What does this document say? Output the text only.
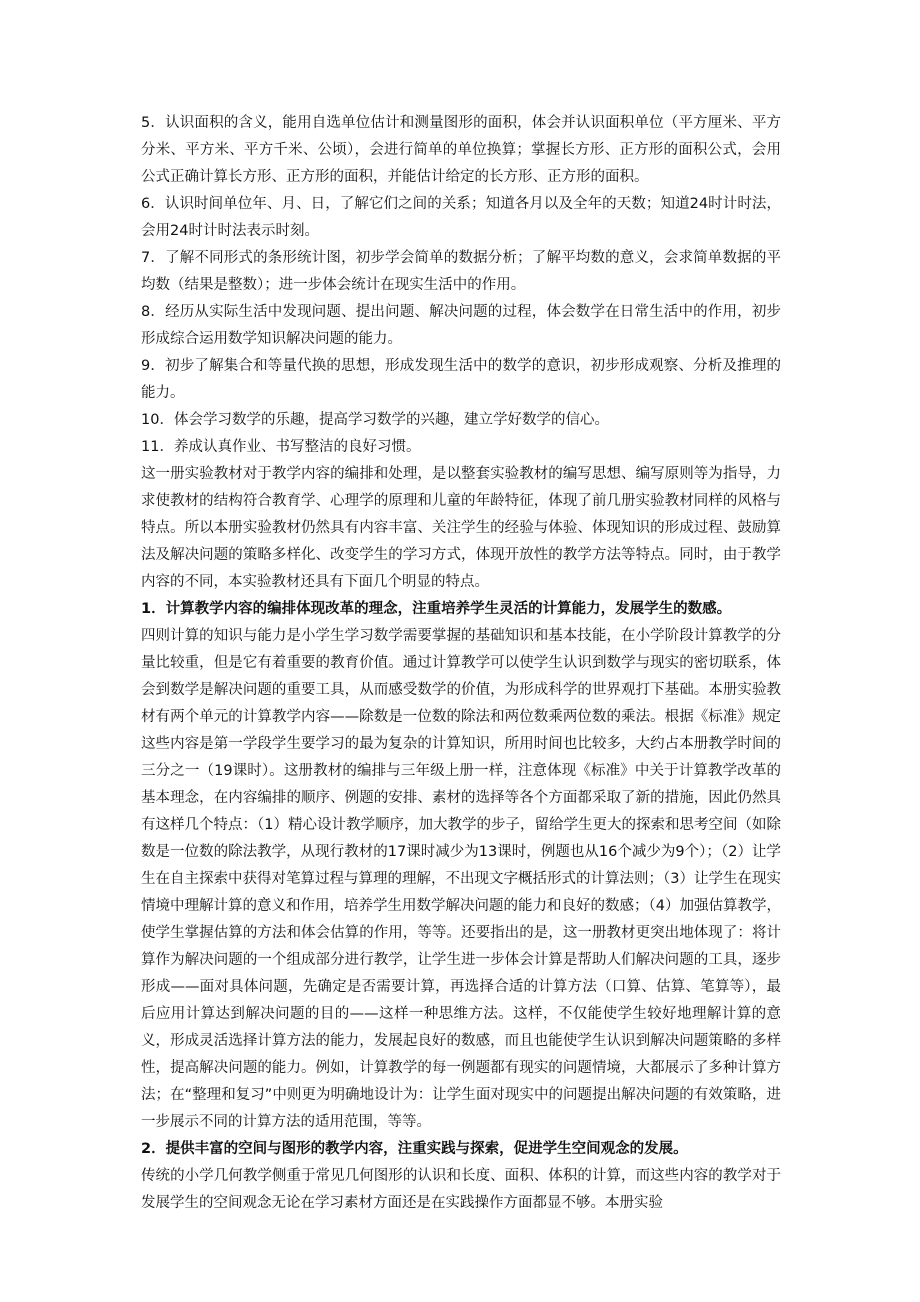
5．认识面积的含义，能用自选单位估计和测量图形的面积，体会并认识面积单位（平方厘米、平方分米、平方米、平方千米、公顷），会进行简单的单位换算；掌握长方形、正方形的面积公式，会用公式正确计算长方形、正方形的面积，并能估计给定的长方形、正方形的面积。

6．认识时间单位年、月、日，了解它们之间的关系；知道各月以及全年的天数；知道24时计时法，会用24时计时法表示时刻。

7．了解不同形式的条形统计图，初步学会简单的数据分析；了解平均数的意义，会求简单数据的平均数（结果是整数）；进一步体会统计在现实生活中的作用。

8．经历从实际生活中发现问题、提出问题、解决问题的过程，体会数学在日常生活中的作用，初步形成综合运用数学知识解决问题的能力。

9．初步了解集合和等量代换的思想，形成发现生活中的数学的意识，初步形成观察、分析及推理的能力。

10．体会学习数学的乐趣，提高学习数学的兴趣，建立学好数学的信心。

11．养成认真作业、书写整洁的良好习惯。

这一册实验教材对于教学内容的编排和处理，是以整套实验教材的编写思想、编写原则等为指导，力求使教材的结构符合教育学、心理学的原理和儿童的年龄特征，体现了前几册实验教材同样的风格与特点。所以本册实验教材仍然具有内容丰富、关注学生的经验与体验、体现知识的形成过程、鼓励算法及解决问题的策略多样化、改变学生的学习方式，体现开放性的教学方法等特点。同时，由于教学内容的不同，本实验教材还具有下面几个明显的特点。

1．计算教学内容的编排体现改革的理念，注重培养学生灵活的计算能力，发展学生的数感。

四则计算的知识与能力是小学生学习数学需要掌握的基础知识和基本技能，在小学阶段计算教学的分量比较重，但是它有着重要的教育价值。通过计算教学可以使学生认识到数学与现实的密切联系，体会到数学是解决问题的重要工具，从而感受数学的价值，为形成科学的世界观打下基础。本册实验教材有两个单元的计算教学内容——除数是一位数的除法和两位数乘两位数的乘法。根据《标准》规定这些内容是第一学段学生要学习的最为复杂的计算知识，所用时间也比较多，大约占本册教学时间的三分之一（19课时）。这册教材的编排与三年级上册一样，注意体现《标准》中关于计算教学改革的基本理念，在内容编排的顺序、例题的安排、素材的选择等各个方面都采取了新的措施，因此仍然具有这样几个特点：（1）精心设计教学顺序，加大教学的步子，留给学生更大的探索和思考空间（如除数是一位数的除法教学，从现行教材的17课时减少为13课时，例题也从16个减少为9个）；（2）让学生在自主探索中获得对笔算过程与算理的理解，不出现文字概括形式的计算法则；（3）让学生在现实情境中理解计算的意义和作用，培养学生用数学解决问题的能力和良好的数感；（4）加强估算教学，使学生掌握估算的方法和体会估算的作用，等等。还要指出的是，这一册教材更突出地体现了：将计算作为解决问题的一个组成部分进行教学，让学生进一步体会计算是帮助人们解决问题的工具，逐步形成——面对具体问题，先确定是否需要计算，再选择合适的计算方法（口算、估算、笔算等），最后应用计算达到解决问题的目的——这样一种思维方法。这样，不仅能使学生较好地理解计算的意义，形成灵活选择计算方法的能力，发展起良好的数感，而且也能使学生认识到解决问题策略的多样性，提高解决问题的能力。例如，计算教学的每一例题都有现实的问题情境，大都展示了多种计算方法；在“整理和复习”中则更为明确地设计为：让学生面对现实中的问题提出解决问题的有效策略，进一步展示不同的计算方法的适用范围，等等。

2．提供丰富的空间与图形的教学内容，注重实践与探索，促进学生空间观念的发展。

传统的小学几何教学侧重于常见几何图形的认识和长度、面积、体积的计算，而这些内容的教学对于发展学生的空间观念无论在学习素材方面还是在实践操作方面都显不够。本册实验
